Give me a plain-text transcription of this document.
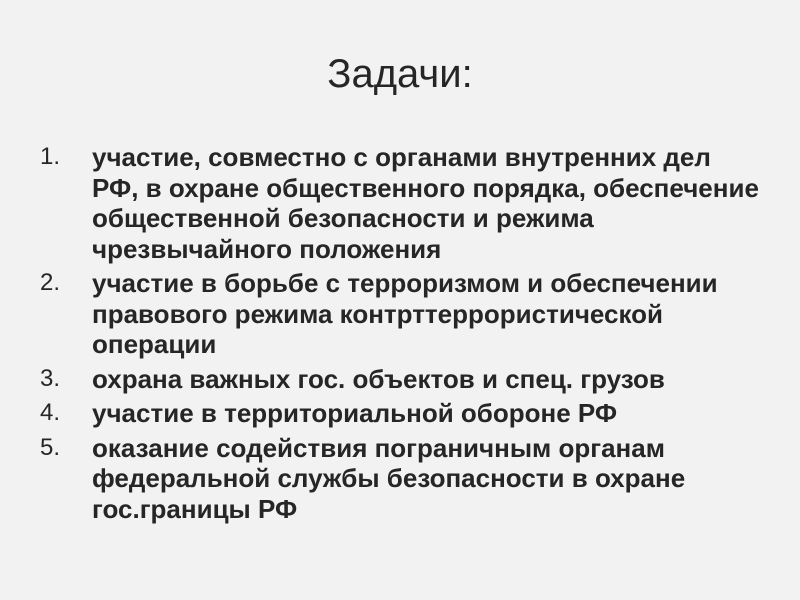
Задачи:
1. участие, совместно с органами внутренних дел РФ, в охране общественного порядка, обеспечение общественной безопасности и режима чрезвычайного положения
2. участие в борьбе с терроризмом и обеспечении правового режима контрттеррористической операции
3. охрана важных гос. объектов и спец. грузов
4. участие в территориальной обороне РФ
5. оказание содействия пограничным органам федеральной службы безопасности в охране гос.границы РФ
